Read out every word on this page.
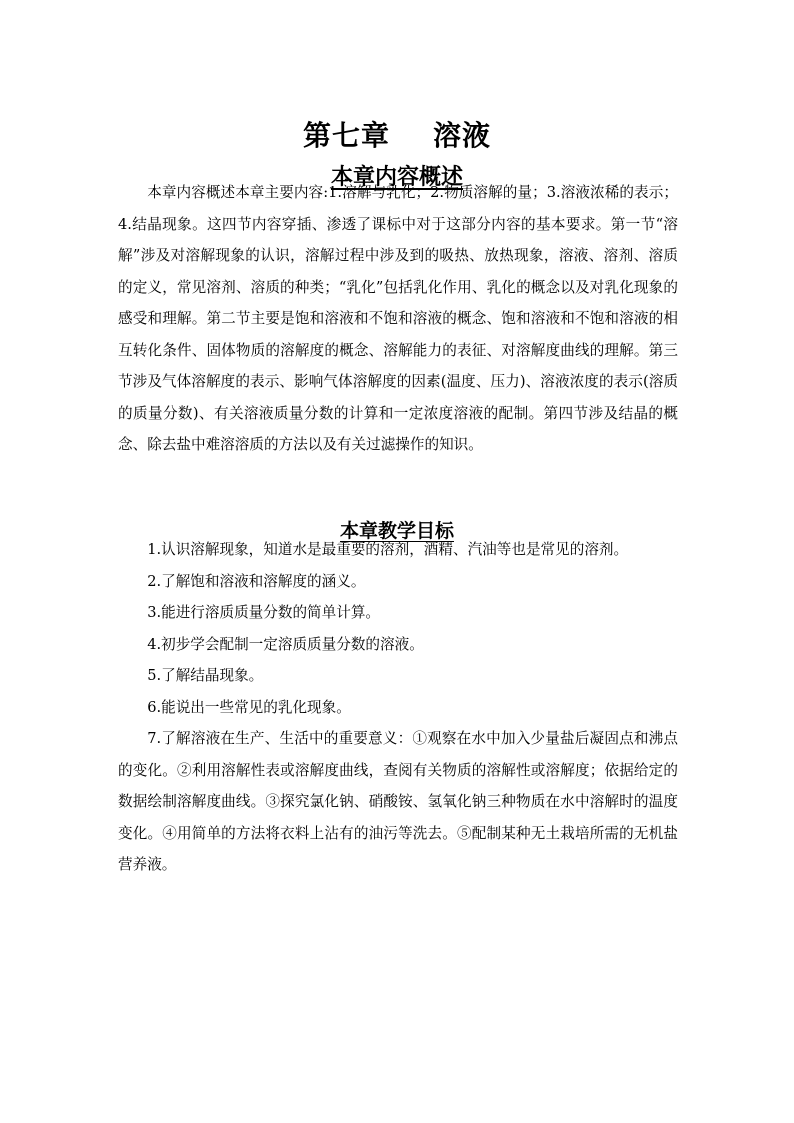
第七章    溶液
本章内容概述

本章内容概述本章主要内容:1.溶解与乳化；2.物质溶解的量；3.溶液浓稀的表示；4.结晶现象。这四节内容穿插、渗透了课标中对于这部分内容的基本要求。第一节“溶解”涉及对溶解现象的认识，溶解过程中涉及到的吸热、放热现象，溶液、溶剂、溶质的定义，常见溶剂、溶质的种类；“乳化”包括乳化作用、乳化的概念以及对乳化现象的感受和理解。第二节主要是饱和溶液和不饱和溶液的概念、饱和溶液和不饱和溶液的相互转化条件、固体物质的溶解度的概念、溶解能力的表征、对溶解度曲线的理解。第三节涉及气体溶解度的表示、影响气体溶解度的因素(温度、压力)、溶液浓度的表示(溶质的质量分数)、有关溶液质量分数的计算和一定浓度溶液的配制。第四节涉及结晶的概念、除去盐中难溶溶质的方法以及有关过滤操作的知识。

本章教学目标
1.认识溶解现象，知道水是最重要的溶剂，酒精、汽油等也是常见的溶剂。
2.了解饱和溶液和溶解度的涵义。
3.能进行溶质质量分数的简单计算。
4.初步学会配制一定溶质质量分数的溶液。
5.了解结晶现象。
6.能说出一些常见的乳化现象。
7.了解溶液在生产、生活中的重要意义：①观察在水中加入少量盐后凝固点和沸点的变化。②利用溶解性表或溶解度曲线，查阅有关物质的溶解性或溶解度；依据给定的数据绘制溶解度曲线。③探究氯化钠、硝酸铵、氢氧化钠三种物质在水中溶解时的温度变化。④用简单的方法将衣料上沾有的油污等洗去。⑤配制某种无土栽培所需的无机盐营养液。
